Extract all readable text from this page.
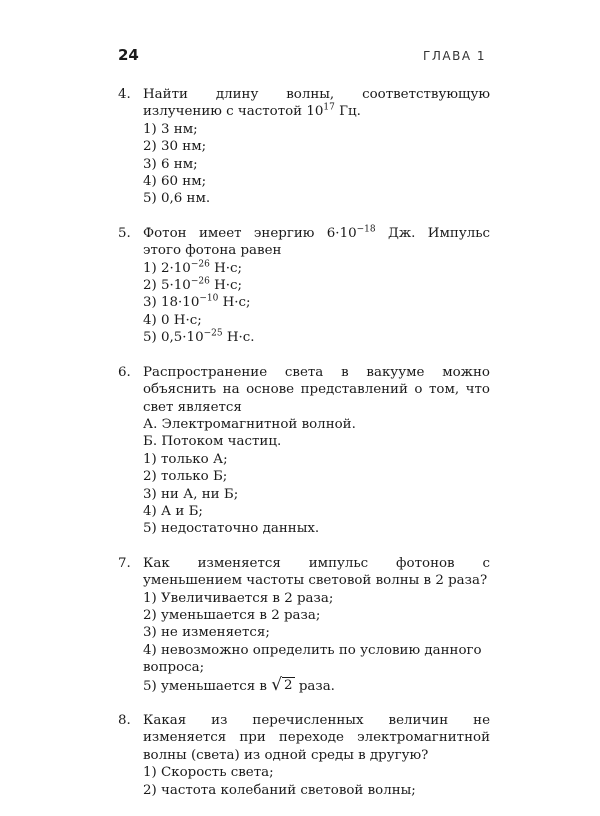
24	ГЛАВА 1
4. Найти длину волны, соответствующую излучению с частотой $10^{17}$ Гц.
1) 3 нм;
2) 30 нм;
3) 6 нм;
4) 60 нм;
5) 0,6 нм.
5. Фотон имеет энергию $6\cdot 10^{-18}$ Дж. Импульс этого фотона равен
1) $2\cdot 10^{-26}$ Н·с;
2) $5\cdot 10^{-26}$ Н·с;
3) $18\cdot 10^{-10}$ Н·с;
4) 0 Н·с;
5) $0,5\cdot 10^{-25}$ Н·с.
6. Распространение света в вакууме можно объяснить на основе представлений о том, что свет является
А. Электромагнитной волной.
Б. Потоком частиц.
1) только А;
2) только Б;
3) ни А, ни Б;
4) А и Б;
5) недостаточно данных.
7. Как изменяется импульс фотонов с уменьшением частоты световой волны в 2 раза?
1) Увеличивается в 2 раза;
2) уменьшается в 2 раза;
3) не изменяется;
4) невозможно определить по условию данного вопроса;
5) уменьшается в √ 2 раза.
8. Какая из перечисленных величин не изменяется при переходе электромагнитной волны (света) из одной среды в другую?
1) Скорость света;
2) частота колебаний световой волны;
